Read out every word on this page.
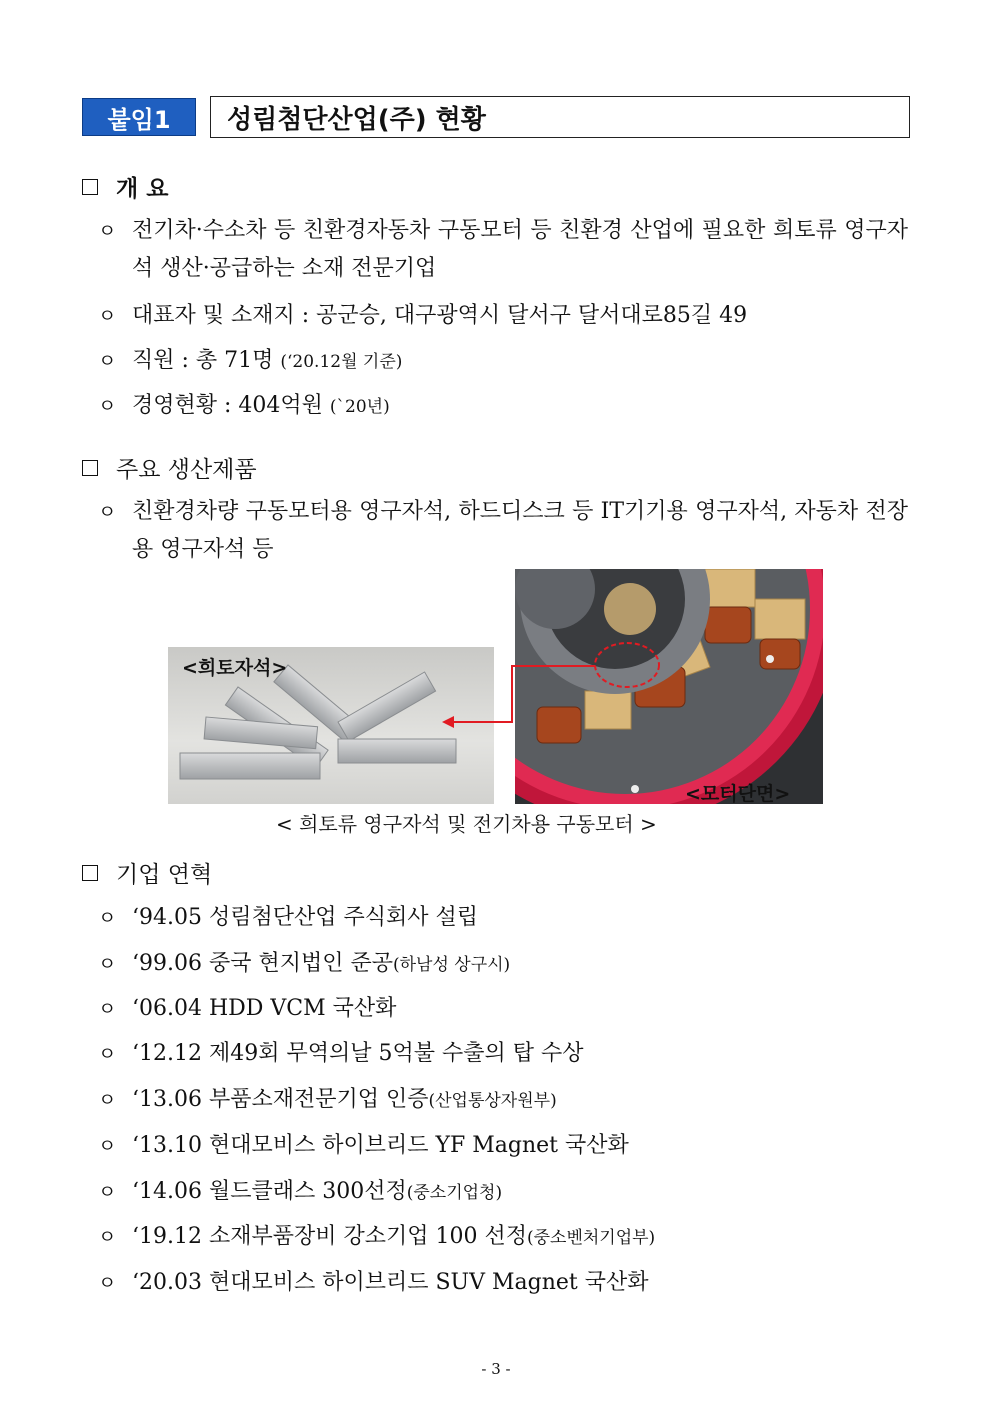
붙임1	성림첨단산업(주) 현황
개 요
ㅇ 전기차·수소차 등 친환경자동차 구동모터 등 친환경 산업에 필요한 희토류 영구자석 생산·공급하는 소재 전문기업
ㅇ 대표자 및 소재지 : 공군승, 대구광역시 달서구 달서대로85길 49
ㅇ 직원 : 총 71명 (‘20.12월 기준)
ㅇ 경영현황 : 404억원 (`20년)
주요 생산제품
ㅇ 친환경차량 구동모터용 영구자석, 하드디스크 등 IT기기용 영구자석, 자동차 전장용 영구자석 등
<희토자석>
<모터단면>
< 희토류 영구자석 및 전기차용 구동모터 >
기업 연혁
ㅇ ‘94.05 성림첨단산업 주식회사 설립
ㅇ ‘99.06 중국 현지법인 준공(하남성 상구시)
ㅇ ‘06.04 HDD VCM 국산화
ㅇ ‘12.12 제49회 무역의날 5억불 수출의 탑 수상
ㅇ ‘13.06 부품소재전문기업 인증(산업통상자원부)
ㅇ ‘13.10 현대모비스 하이브리드 YF Magnet 국산화
ㅇ ‘14.06 월드클래스 300선정(중소기업청)
ㅇ ‘19.12 소재부품장비 강소기업 100 선정(중소벤처기업부)
ㅇ ‘20.03 현대모비스 하이브리드 SUV Magnet 국산화
- 3 -
